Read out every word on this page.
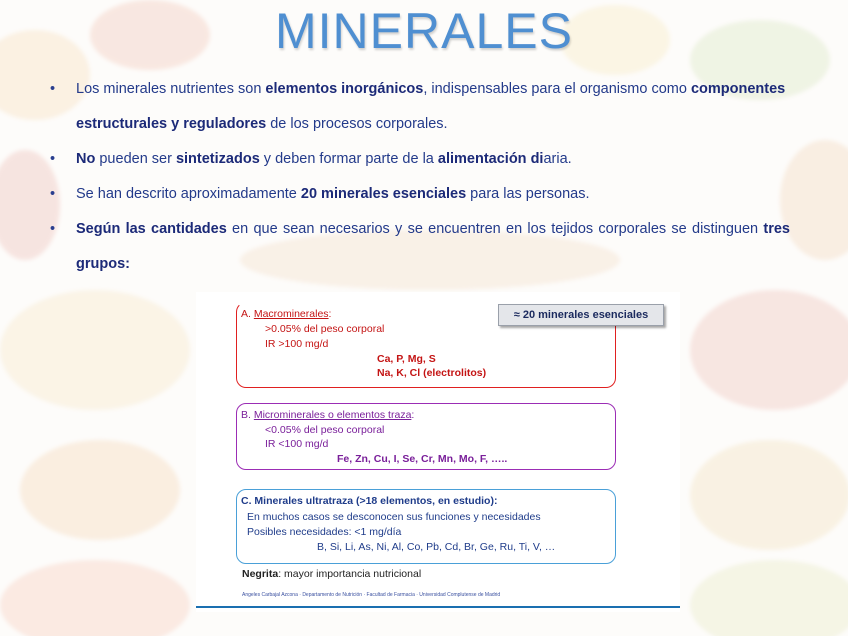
MINERALES
• Los minerales nutrientes son elementos inorgánicos, indispensables para el organismo como componentes estructurales y reguladores de los procesos corporales.
• No pueden ser sintetizados y deben formar parte de la alimentación diaria.
• Se han descrito aproximadamente 20 minerales esenciales para las personas.
• Según las cantidades en que sean necesarios y se encuentren en los tejidos corporales se distinguen tres grupos:
A. Macrominerales:
>0.05% del peso corporal
IR >100 mg/d
Ca, P, Mg, S
Na, K, Cl (electrolitos)
≈ 20 minerales esenciales
B. Microminerales o elementos traza:
<0.05% del peso corporal
IR <100 mg/d
Fe, Zn, Cu, I, Se, Cr, Mn, Mo, F, …..
C. Minerales ultratraza (>18 elementos, en estudio):
En muchos casos se desconocen sus funciones y necesidades
Posibles necesidades: <1 mg/día
B, Si, Li, As, Ni, Al, Co, Pb, Cd, Br, Ge, Ru, Ti, V, …
Negrita: mayor importancia nutricional
Ángeles Carbajal Azcona · Departamento de Nutrición · Facultad de Farmacia · Universidad Complutense de Madrid
